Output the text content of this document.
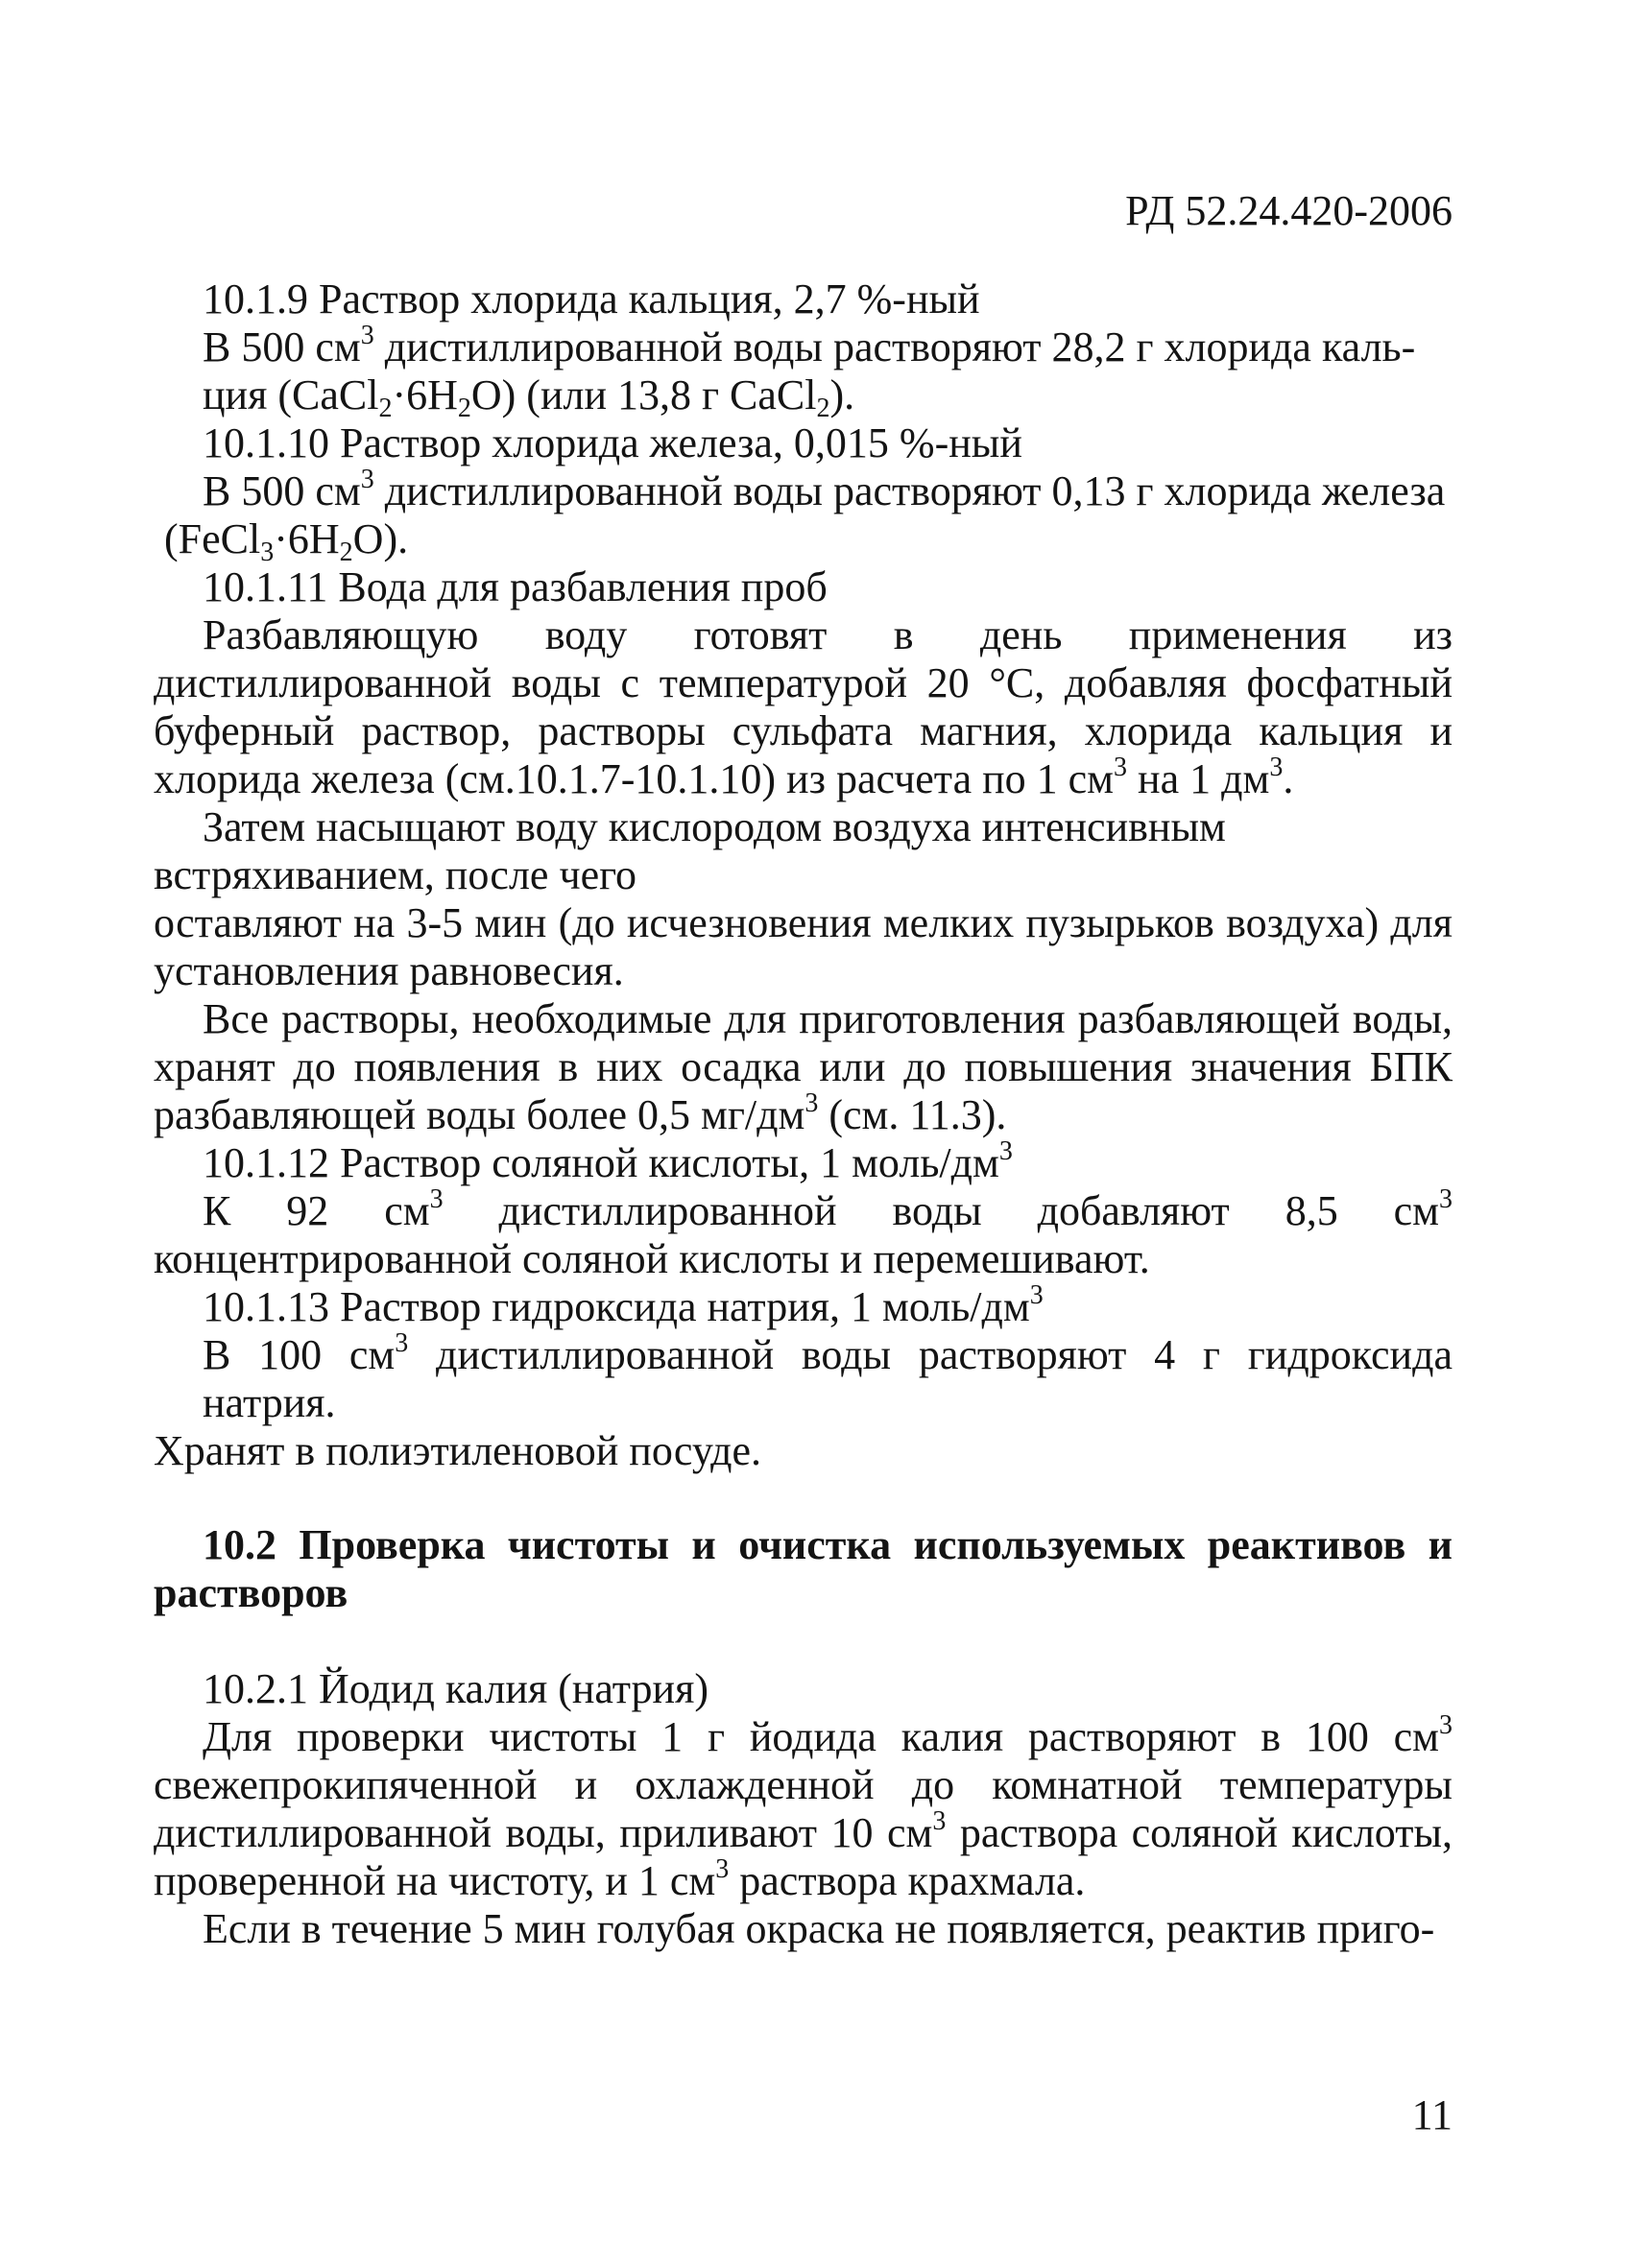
РД 52.24.420-2006

10.1.9 Раствор хлорида кальция, 2,7 %-ный

В 500 $см^3$ дистиллированной воды растворяют 28,2 г хлорида каль-

ция $(CaCl_2\cdot 6H_2O)$ (или 13,8 г CaCl$_2$).

10.1.10 Раствор хлорида железа, 0,015 %-ный

В 500 $см^3$ дистиллированной воды растворяют 0,13 г хлорида железа

$(FeCl_3\cdot 6H_2O)$.

10.1.11 Вода для разбавления проб

Разбавляющую воду готовят в день применения из дистиллированной воды с температурой 20 °С, добавляя фосфатный буферный раствор, растворы сульфата магния, хлорида кальция и хлорида железа (см.10.1.7-10.1.10) из расчета по 1 $см^3$ на 1 $дм^3$.

Затем насыщают воду кислородом воздуха интенсивным встряхиванием, после чего

оставляют на 3-5 мин (до исчезновения мелких пузырьков воздуха) для установления равновесия.

Все растворы, необходимые для приготовления разбавляющей воды, хранят до появления в них осадка или до повышения значения БПК разбавляющей воды более 0,5 $мг/дм^3$ (см. 11.3).

10.1.12 Раствор соляной кислоты, 1 моль/$дм^3$

К 92 $см^3$ дистиллированной воды добавляют 8,5 $см^3$ концентрированной соляной кислоты и перемешивают.

10.1.13 Раствор гидроксида натрия, 1 моль/$дм^3$

В 100 $см^3$ дистиллированной воды растворяют 4 г гидроксида натрия.

Хранят в полиэтиленовой посуде.

10.2 Проверка чистоты и очистка используемых реактивов и растворов

10.2.1 Йодид калия (натрия)

Для проверки чистоты 1 г йодида калия растворяют в 100 $см^3$ свежепрокипяченной и охлажденной до комнатной температуры дистиллированной воды, приливают 10 $см^3$ раствора соляной кислоты, проверенной на чистоту, и 1 $см^3$ раствора крахмала.

Если в течение 5 мин голубая окраска не появляется, реактив приго-

11
